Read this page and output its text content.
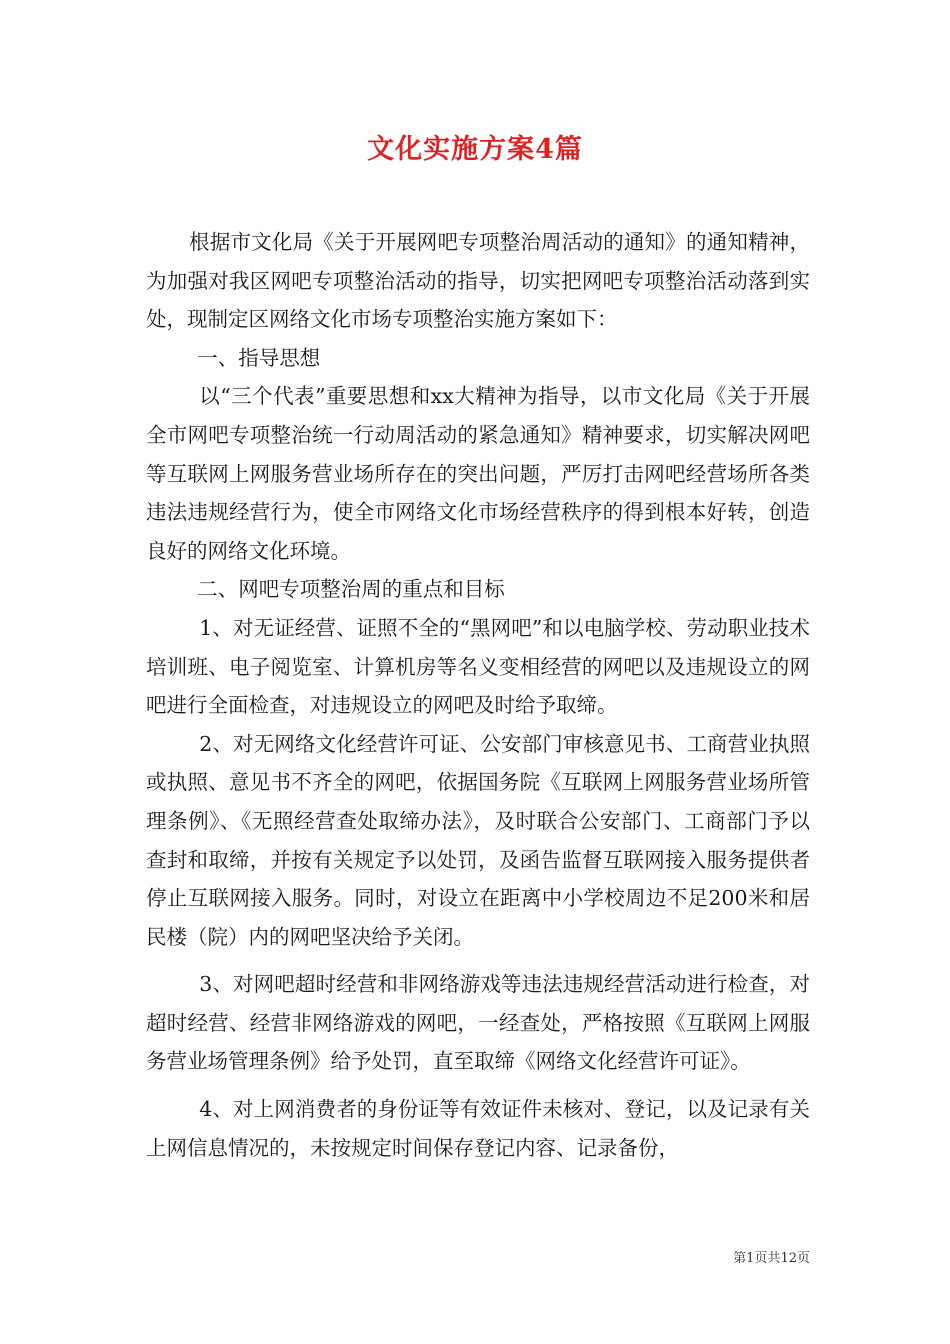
文化实施方案4篇

根据市文化局《关于开展网吧专项整治周活动的通知》的通知精神，为加强对我区网吧专项整治活动的指导，切实把网吧专项整治活动落到实处，现制定区网络文化市场专项整治实施方案如下：

一、指导思想

以“三个代表”重要思想和xx大精神为指导，以市文化局《关于开展全市网吧专项整治统一行动周活动的紧急通知》精神要求，切实解决网吧等互联网上网服务营业场所存在的突出问题，严厉打击网吧经营场所各类违法违规经营行为，使全市网络文化市场经营秩序的得到根本好转，创造良好的网络文化环境。

二、网吧专项整治周的重点和目标

1、对无证经营、证照不全的“黑网吧”和以电脑学校、劳动职业技术培训班、电子阅览室、计算机房等名义变相经营的网吧以及违规设立的网吧进行全面检查，对违规设立的网吧及时给予取缔。

2、对无网络文化经营许可证、公安部门审核意见书、工商营业执照或执照、意见书不齐全的网吧，依据国务院《互联网上网服务营业场所管理条例》、《无照经营查处取缔办法》，及时联合公安部门、工商部门予以查封和取缔，并按有关规定予以处罚，及函告监督互联网接入服务提供者停止互联网接入服务。同时，对设立在距离中小学校周边不足200米和居民楼（院）内的网吧坚决给予关闭。

3、对网吧超时经营和非网络游戏等违法违规经营活动进行检查，对超时经营、经营非网络游戏的网吧，一经查处，严格按照《互联网上网服务营业场管理条例》给予处罚，直至取缔《网络文化经营许可证》。

4、对上网消费者的身份证等有效证件未核对、登记，以及记录有关上网信息情况的，未按规定时间保存登记内容、记录备份，

第1页共12页
